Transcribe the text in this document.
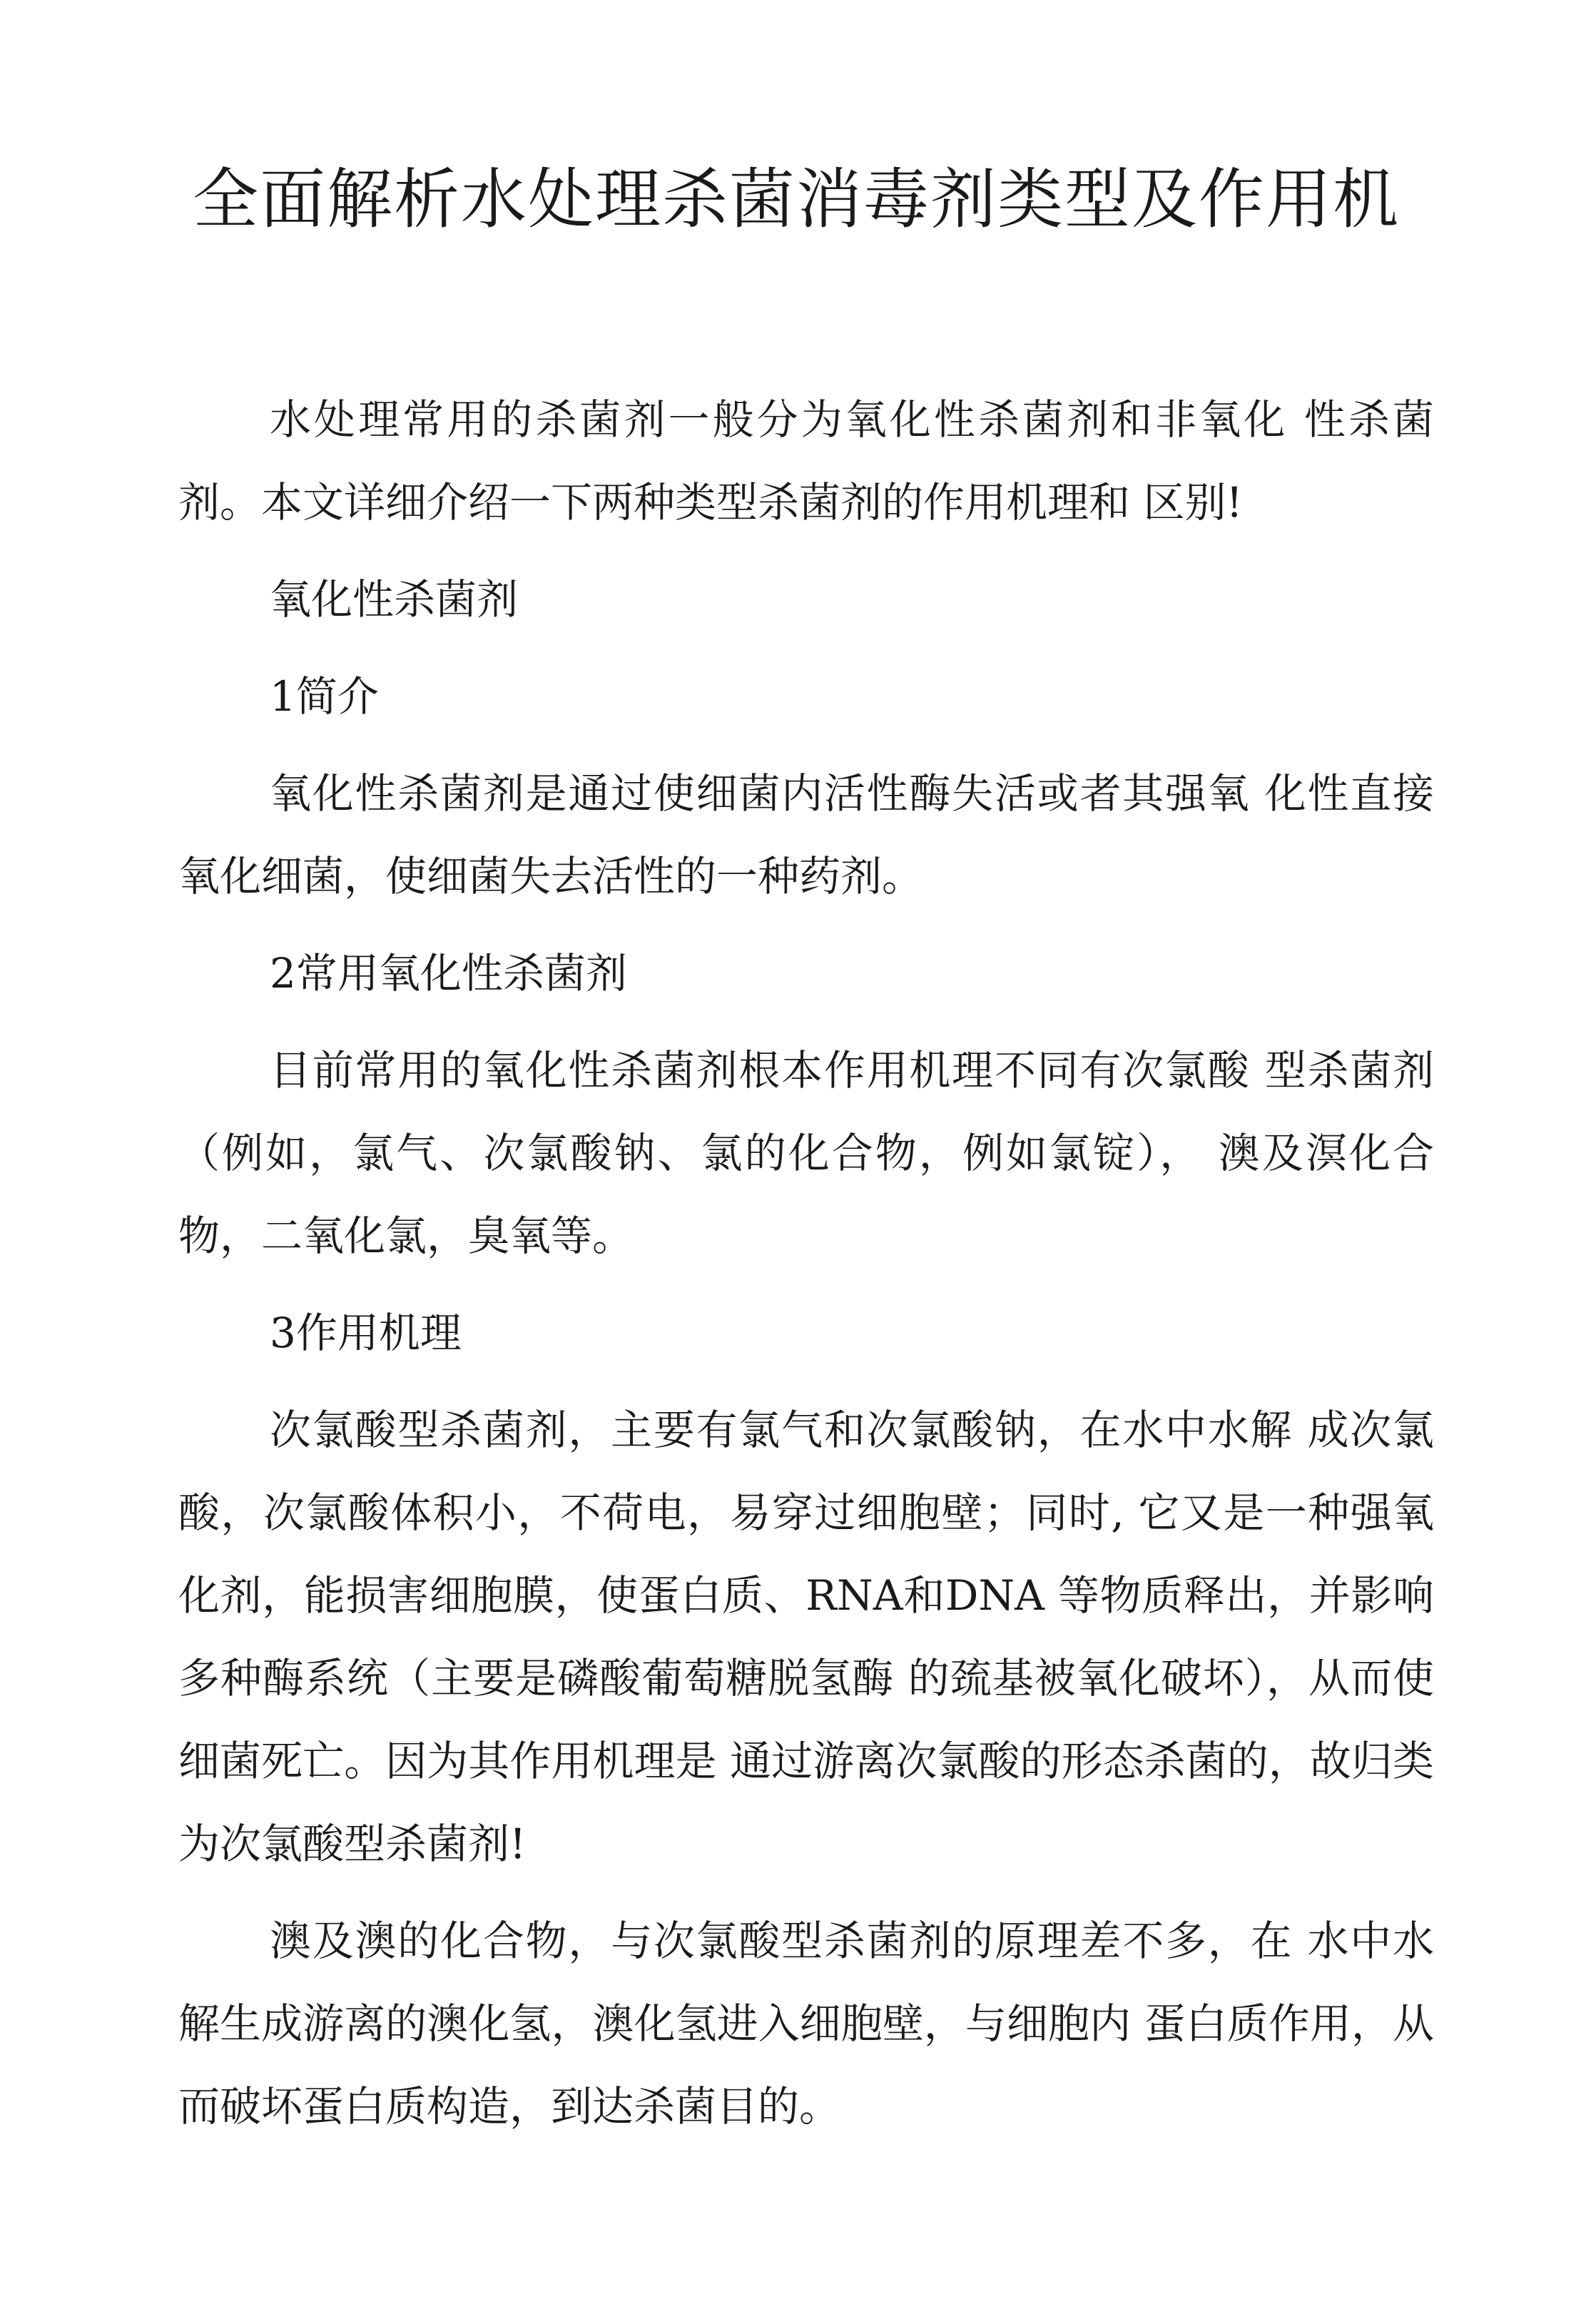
全面解析水处理杀菌消毒剂类型及作用机

水处理常用的杀菌剂一般分为氧化性杀菌剂和非氧化 性杀菌剂。本文详细介绍一下两种类型杀菌剂的作用机理和 区别!

氧化性杀菌剂

1简介

氧化性杀菌剂是通过使细菌内活性酶失活或者其强氧 化性直接氧化细菌，使细菌失去活性的一种药剂。

2常用氧化性杀菌剂

目前常用的氧化性杀菌剂根本作用机理不同有次氯酸 型杀菌剂（例如，氯气、次氯酸钠、氯的化合物，例如氯锭）， 澳及溟化合物，二氧化氯，臭氧等。

3作用机理

次氯酸型杀菌剂，主要有氯气和次氯酸钠，在水中水解 成次氯酸，次氯酸体积小，不荷电，易穿过细胞壁；同时, 它又是一种强氧化剂，能损害细胞膜，使蛋白质、RNA和DNA 等物质释出，并影响多种酶系统（主要是磷酸葡萄糖脱氢酶 的巯基被氧化破坏），从而使细菌死亡。因为其作用机理是 通过游离次氯酸的形态杀菌的，故归类为次氯酸型杀菌剂!

澳及澳的化合物，与次氯酸型杀菌剂的原理差不多，在 水中水解生成游离的澳化氢，澳化氢进入细胞壁，与细胞内 蛋白质作用，从而破坏蛋白质构造，到达杀菌目的。
